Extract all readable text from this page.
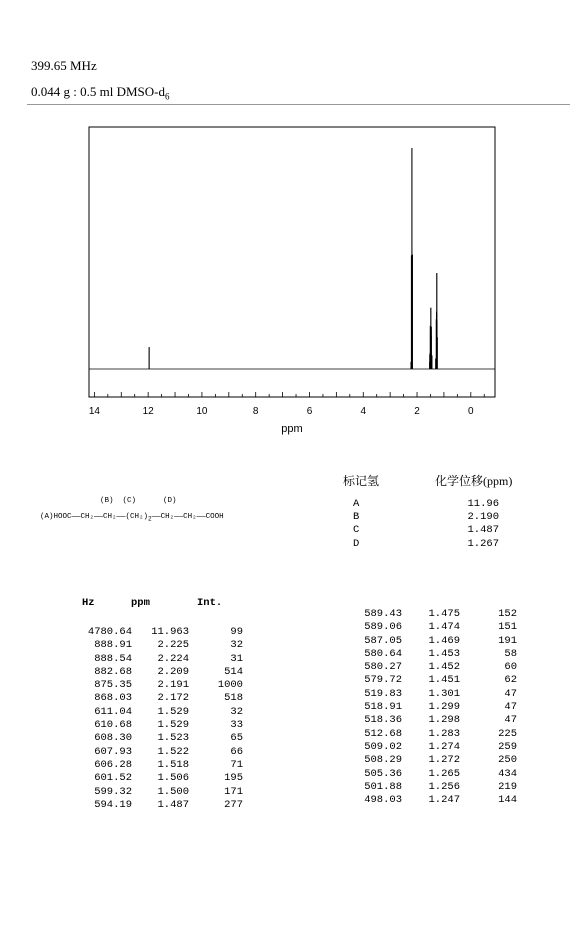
399.65 MHz
0.044 g : 0.5 ml DMSO-$d_6$
14	12	10	8	6	4	2	0
ppm
(B)  (C)      (D)
$(A)HOOC——CH_2——CH_2——(CH_2)_2——CH_2——CH_2——COOH$
标记氢	化学位移(ppm)
A	11.96
B	2.190
C	1.487
D	1.267
Hz	ppm	Int.
4780.64	11.963	99
888.91	2.225	32
888.54	2.224	31
882.68	2.209	514
875.35	2.191	1000
868.03	2.172	518
611.04	1.529	32
610.68	1.529	33
608.30	1.523	65
607.93	1.522	66
606.28	1.518	71
601.52	1.506	195
599.32	1.500	171
594.19	1.487	277
589.43	1.475	152
589.06	1.474	151
587.05	1.469	191
580.64	1.453	58
580.27	1.452	60
579.72	1.451	62
519.83	1.301	47
518.91	1.299	47
518.36	1.298	47
512.68	1.283	225
509.02	1.274	259
508.29	1.272	250
505.36	1.265	434
501.88	1.256	219
498.03	1.247	144
